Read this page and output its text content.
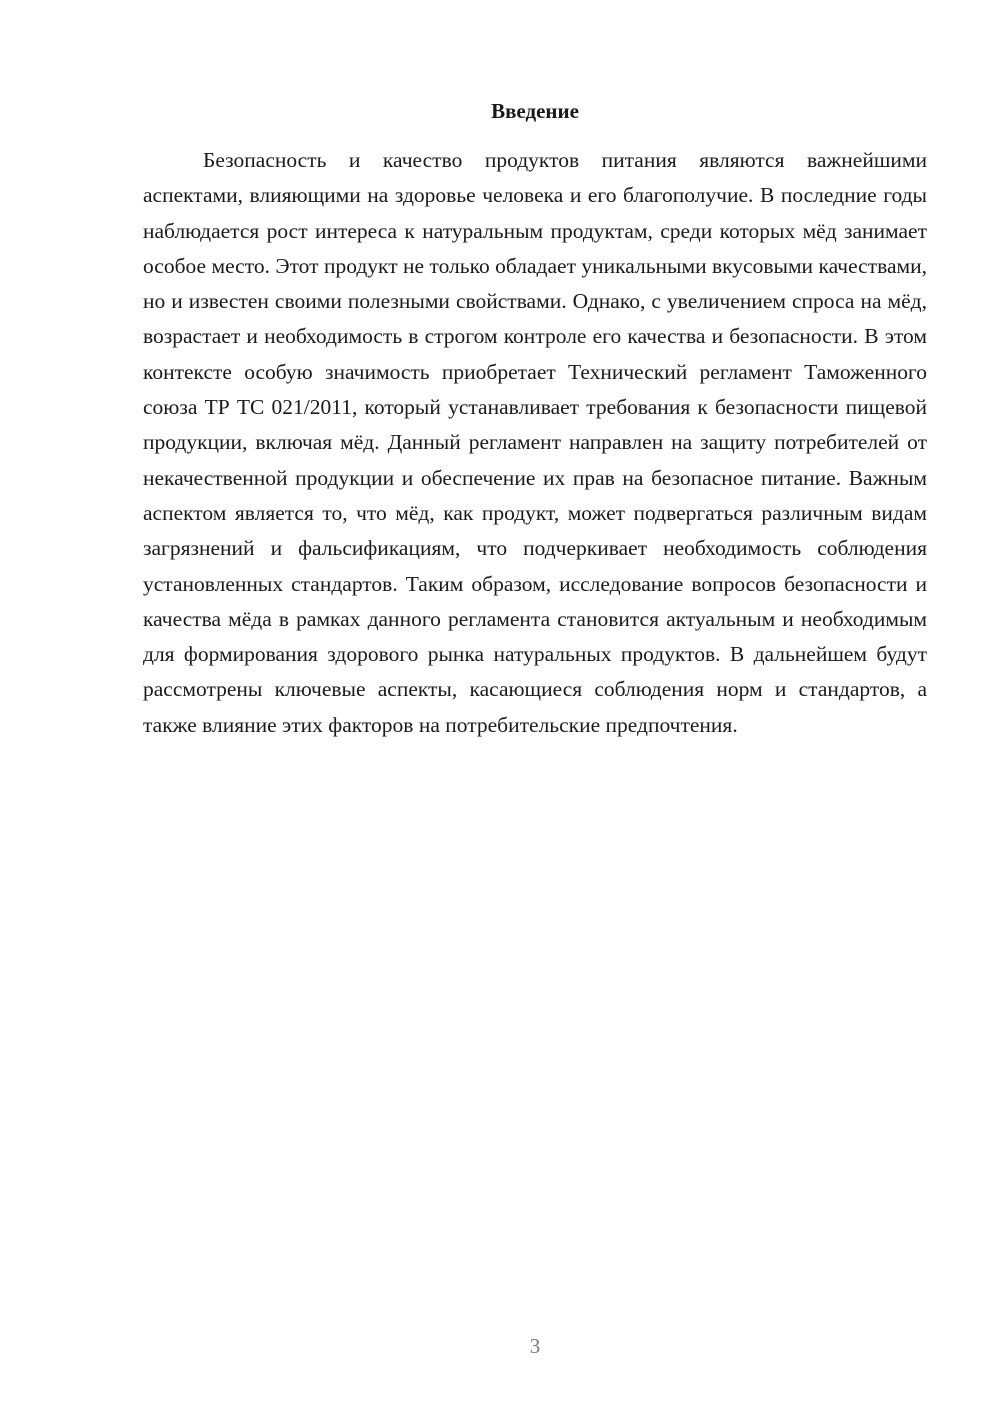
Введение

Безопасность и качество продуктов питания являются важнейшими аспектами, влияющими на здоровье человека и его благополучие. В последние годы наблюдается рост интереса к натуральным продуктам, среди которых мёд занимает особое место. Этот продукт не только обладает уникальными вкусовыми качествами, но и известен своими полезными свойствами. Однако, с увеличением спроса на мёд, возрастает и необходимость в строгом контроле его качества и безопасности. В этом контексте особую значимость приобретает Технический регламент Таможенного союза ТР ТС 021/2011, который устанавливает требования к безопасности пищевой продукции, включая мёд. Данный регламент направлен на защиту потребителей от некачественной продукции и обеспечение их прав на безопасное питание. Важным аспектом является то, что мёд, как продукт, может подвергаться различным видам загрязнений и фальсификациям, что подчеркивает необходимость соблюдения установленных стандартов. Таким образом, исследование вопросов безопасности и качества мёда в рамках данного регламента становится актуальным и необходимым для формирования здорового рынка натуральных продуктов. В дальнейшем будут рассмотрены ключевые аспекты, касающиеся соблюдения норм и стандартов, а также влияние этих факторов на потребительские предпочтения.

3
